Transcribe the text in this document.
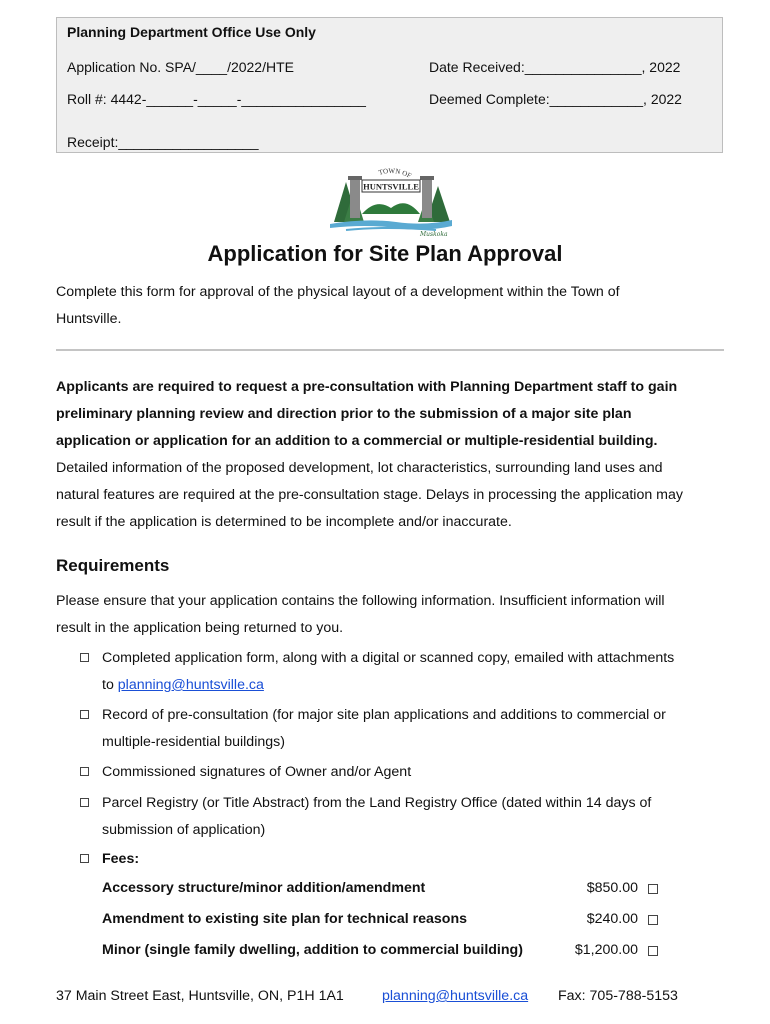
Planning Department Office Use Only
Application No. SPA/____/2022/HTE	Date Received:_______________, 2022
Roll #: 4442-______-_____-________________	Deemed Complete:____________, 2022
Receipt:__________________
TOWN OF
HUNTSVILLE
Muskoka
Application for Site Plan Approval

Complete this form for approval of the physical layout of a development within the Town of

Huntsville.

Applicants are required to request a pre-consultation with Planning Department staff to gain

preliminary planning review and direction prior to the submission of a major site plan

application or application for an addition to a commercial or multiple-residential building.

Detailed information of the proposed development, lot characteristics, surrounding land uses and

natural features are required at the pre-consultation stage. Delays in processing the application may

result if the application is determined to be incomplete and/or inaccurate.

Requirements

Please ensure that your application contains the following information. Insufficient information will

result in the application being returned to you.

Completed application form, along with a digital or scanned copy, emailed with attachments
to planning@huntsville.ca
Record of pre-consultation (for major site plan applications and additions to commercial or
multiple-residential buildings)
Commissioned signatures of Owner and/or Agent
Parcel Registry (or Title Abstract) from the Land Registry Office (dated within 14 days of
submission of application)
Fees:
Accessory structure/minor addition/amendment	$850.00
Amendment to existing site plan for technical reasons	$240.00
Minor (single family dwelling, addition to commercial building)	$1,200.00
37 Main Street East, Huntsville, ON, P1H 1A1	planning@huntsville.ca Fax: 705-788-5153
